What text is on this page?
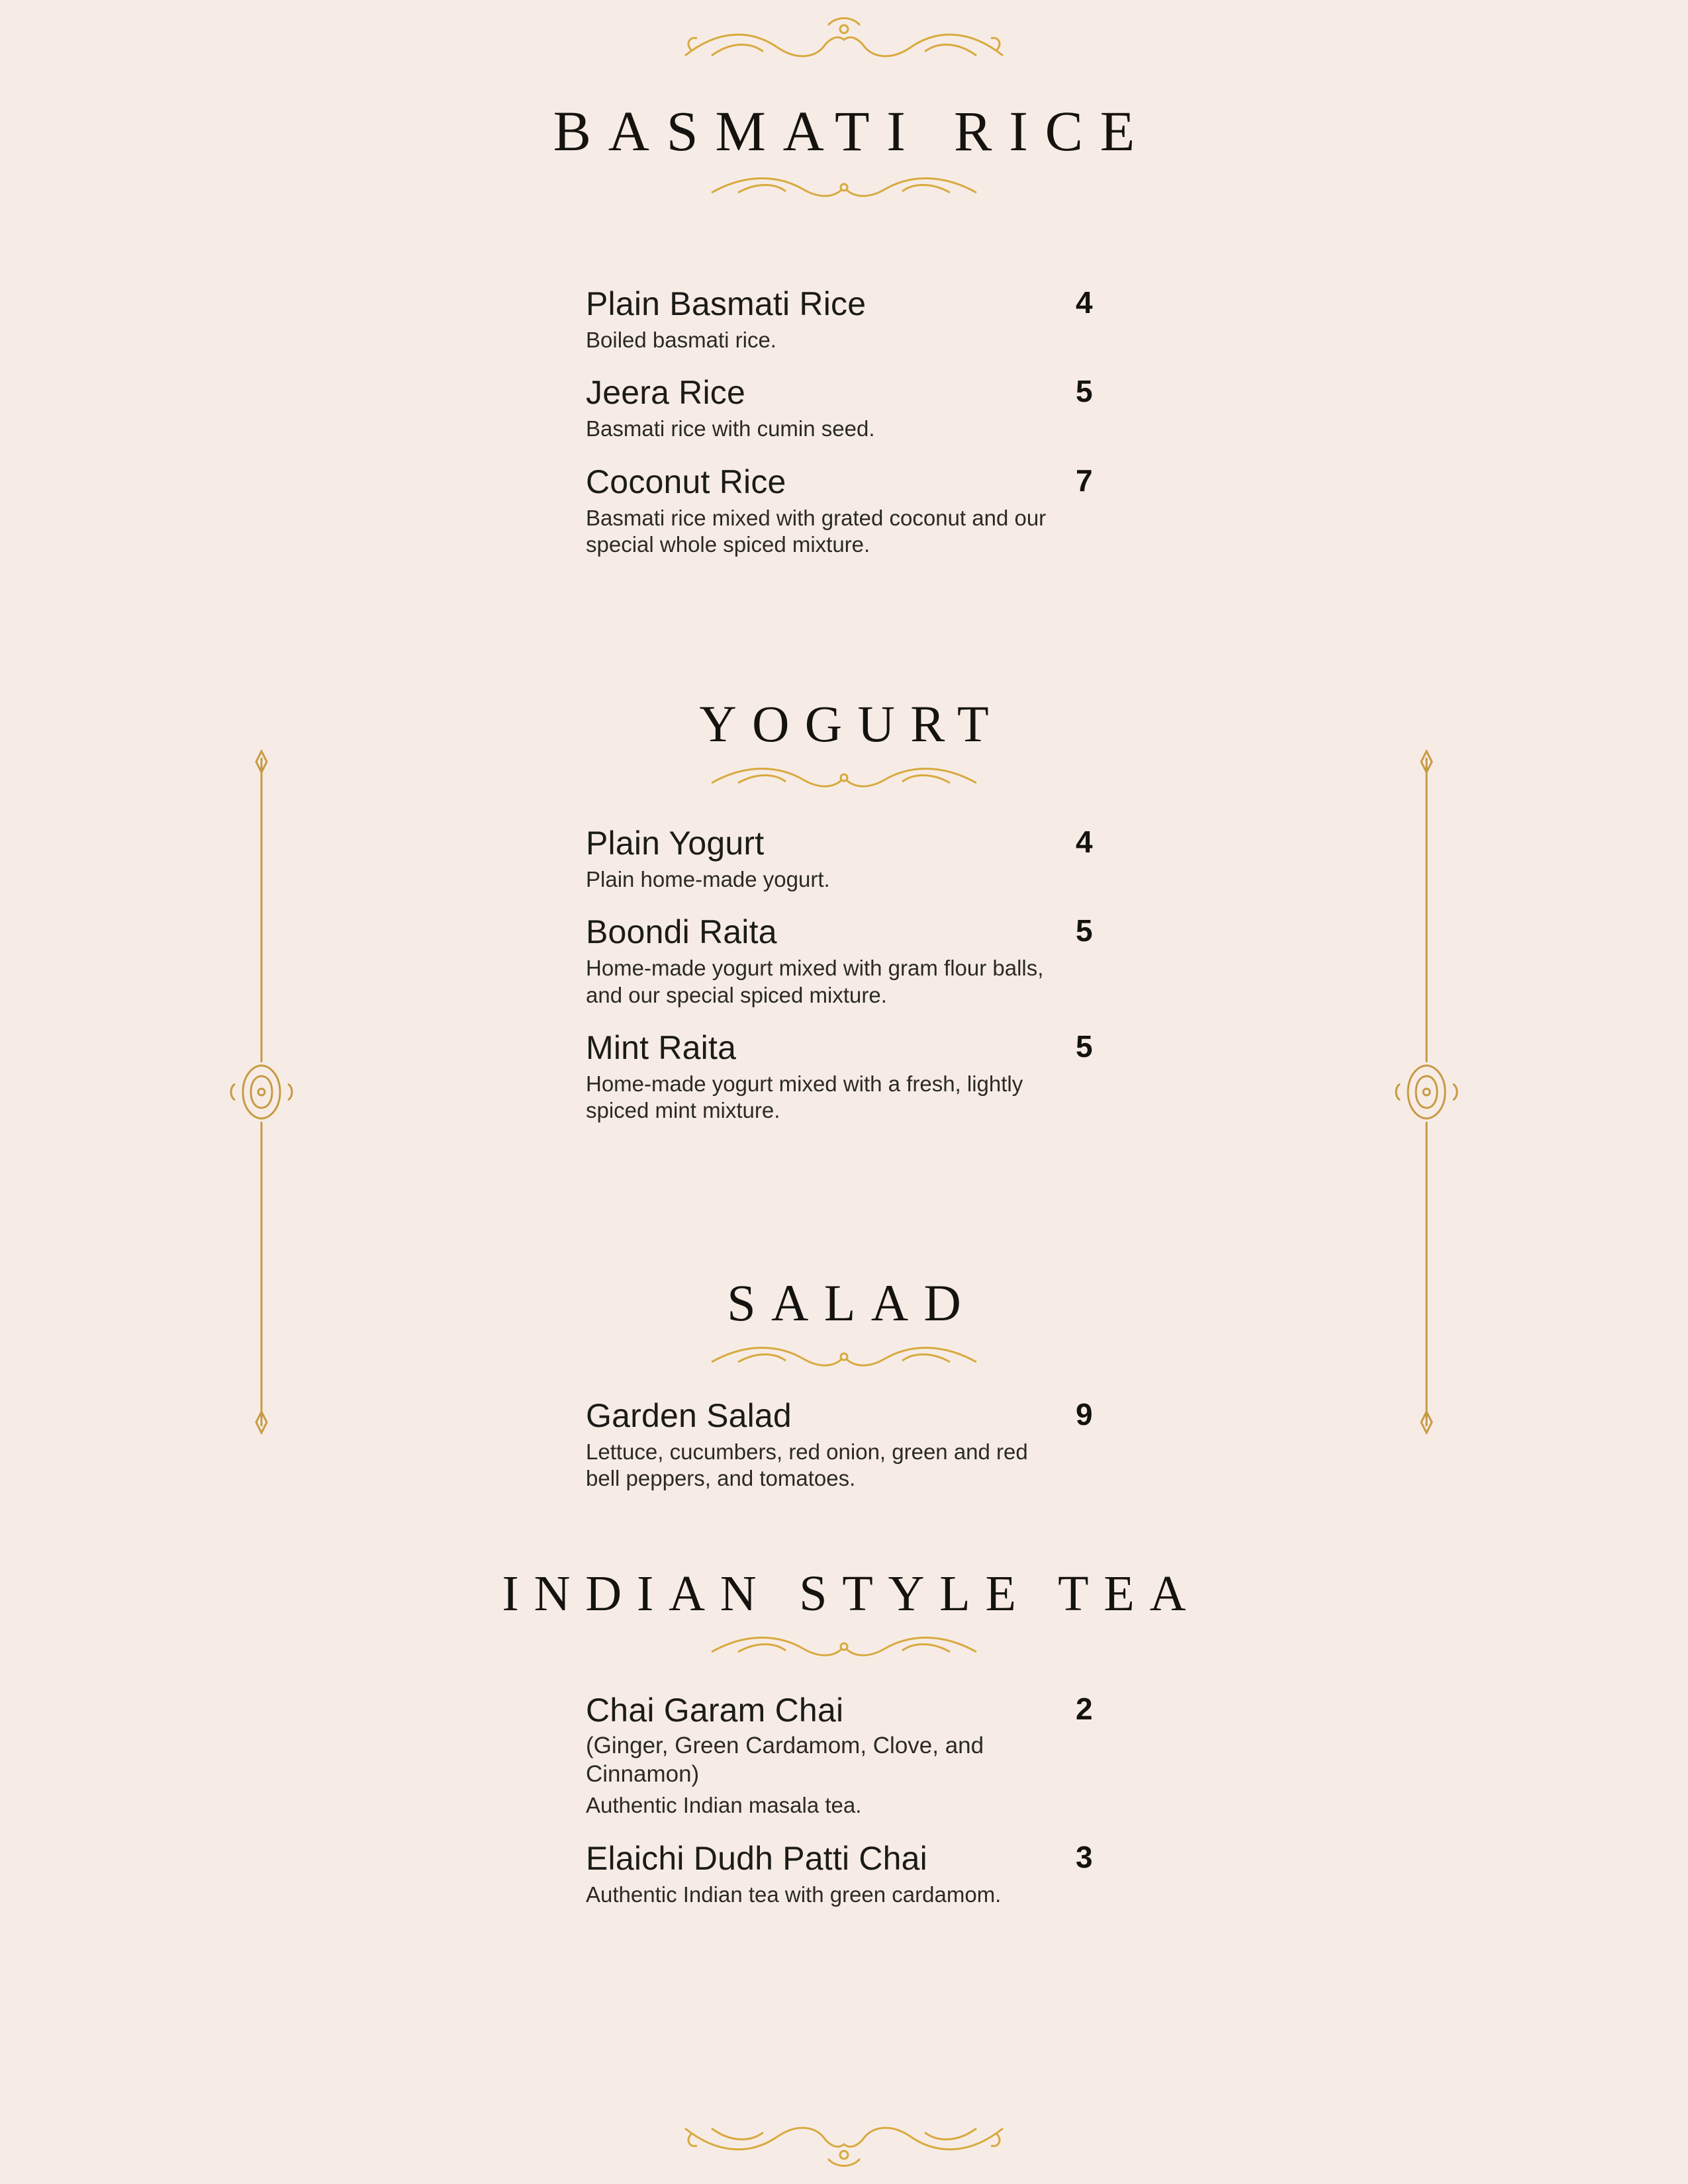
BASMATI RICE
Plain Basmati Rice	4
Boiled basmati rice.
Jeera Rice	5
Basmati rice with cumin seed.
Coconut Rice	7
Basmati rice mixed with grated coconut and our special whole spiced mixture.
YOGURT
Plain Yogurt	4
Plain home-made yogurt.
Boondi Raita	5
Home-made yogurt mixed with gram flour balls, and our special spiced mixture.
Mint Raita	5
Home-made yogurt mixed with a fresh, lightly spiced mint mixture.
SALAD
Garden Salad	9
Lettuce, cucumbers, red onion, green and red bell peppers, and tomatoes.
INDIAN STYLE TEA
Chai Garam Chai	2
(Ginger, Green Cardamom, Clove, and Cinnamon)
Authentic Indian masala tea.
Elaichi Dudh Patti Chai	3
Authentic Indian tea with green cardamom.
